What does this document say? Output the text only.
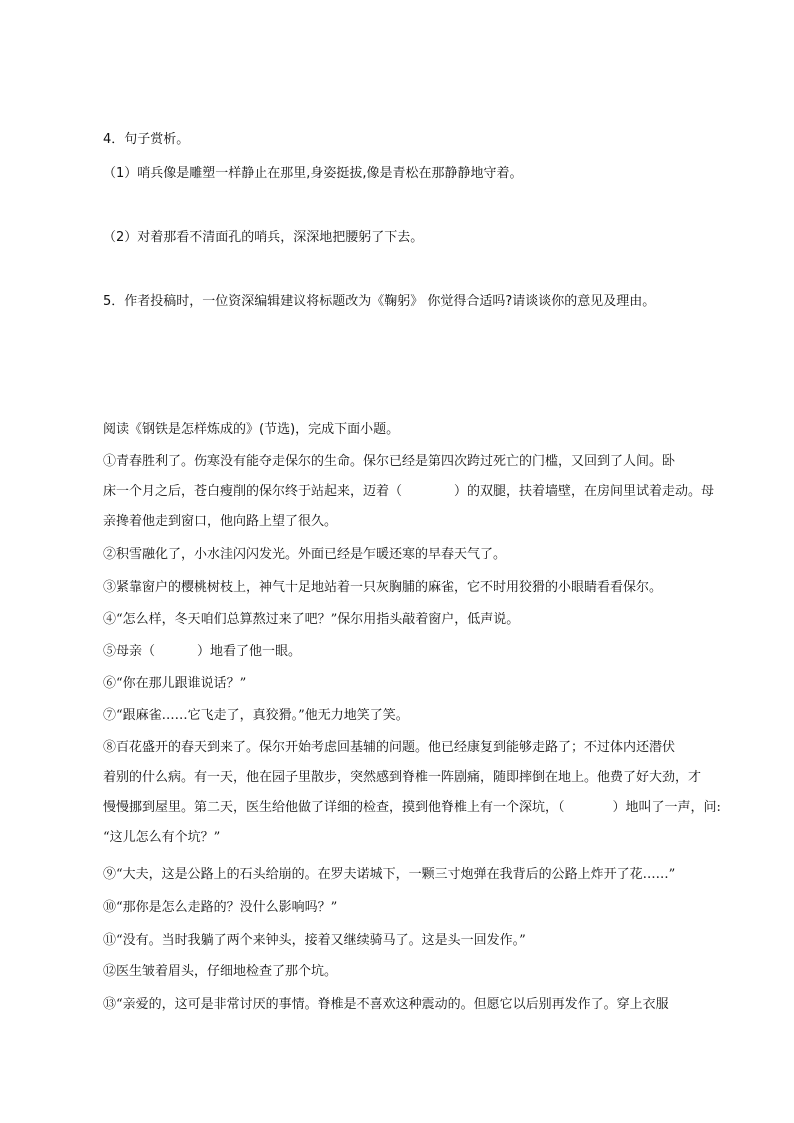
4．句子赏析。
（1）哨兵像是雕塑一样静止在那里,身姿挺拔,像是青松在那静静地守着。
（2）对着那看不清面孔的哨兵，深深地把腰躬了下去。
5．作者投稿时，一位资深编辑建议将标题改为《鞠躬》 你觉得合适吗?请谈谈你的意见及理由。
阅读《钢铁是怎样炼成的》(节选)，完成下面小题。
①青春胜利了。伤寒没有能夺走保尔的生命。保尔已经是第四次跨过死亡的门槛，又回到了人间。卧
床一个月之后，苍白瘦削的保尔终于站起来，迈着（	）的双腿，扶着墙壁，在房间里试着走动。母
亲搀着他走到窗口，他向路上望了很久。
②积雪融化了，小水洼闪闪发光。外面已经是乍暖还寒的早春天气了。
③紧靠窗户的樱桃树枝上，神气十足地站着一只灰胸脯的麻雀，它不时用狡猾的小眼睛看看保尔。
④“怎么样，冬天咱们总算熬过来了吧？”保尔用指头敲着窗户，低声说。
⑤母亲（	）地看了他一眼。
⑥“你在那儿跟谁说话？”
⑦“跟麻雀……它飞走了，真狡猾。”他无力地笑了笑。
⑧百花盛开的春天到来了。保尔开始考虑回基辅的问题。他已经康复到能够走路了；不过体内还潜伏
着别的什么病。有一天，他在园子里散步，突然感到脊椎一阵剧痛，随即摔倒在地上。他费了好大劲，才
慢慢挪到屋里。第二天，医生给他做了详细的检查，摸到他脊椎上有一个深坑，（	）地叫了一声，问:
“这儿怎么有个坑？”
⑨“大夫，这是公路上的石头给崩的。在罗夫诺城下，一颗三寸炮弹在我背后的公路上炸开了花……”
⑩“那你是怎么走路的？没什么影响吗？”
⑪“没有。当时我躺了两个来钟头，接着又继续骑马了。这是头一回发作。”
⑫医生皱着眉头，仔细地检查了那个坑。
⑬“亲爱的，这可是非常讨厌的事情。脊椎是不喜欢这种震动的。但愿它以后别再发作了。穿上衣服
